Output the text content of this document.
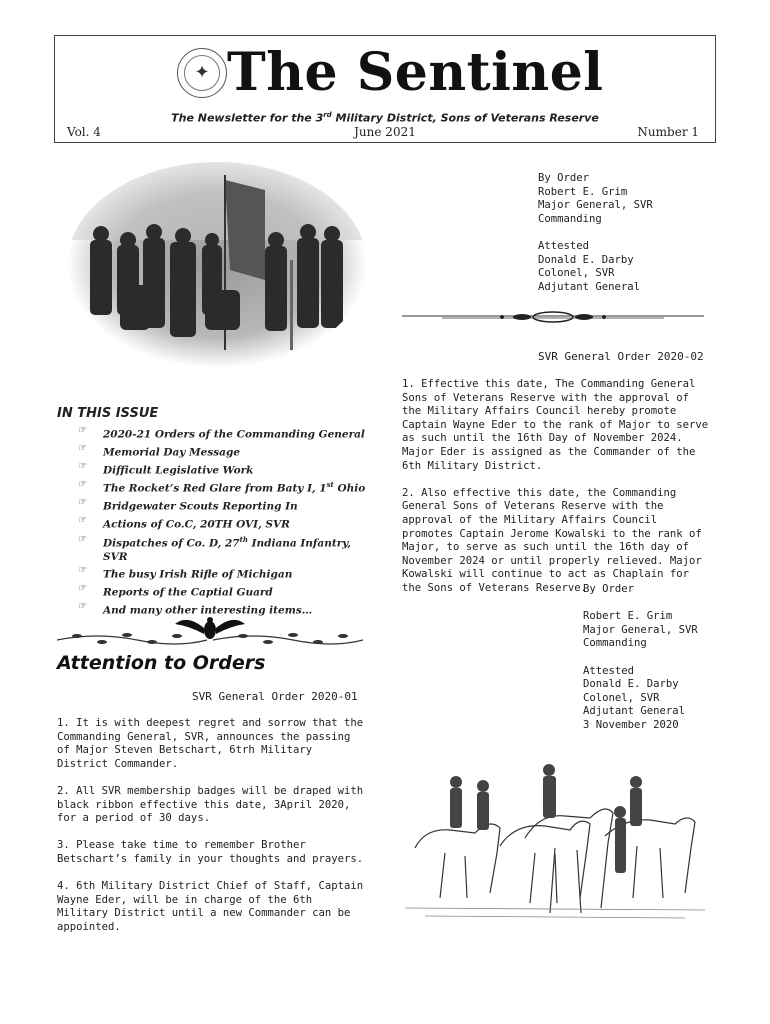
✦ The Sentinel
The Newsletter for the 3rd Military District, Sons of Veterans Reserve
Vol. 4	June 2021	Number 1
By Order
Robert E. Grim
Major General, SVR
Commanding
Attested
Donald E. Darby
Colonel, SVR
Adjutant General
SVR General Order 2020-02

1. Effective this date, The Commanding General Sons of Veterans Reserve with the approval of the Military Affairs Council hereby promote Captain Wayne Eder to the rank of Major to serve as such until the 16th Day of November 2024. Major Eder is assigned as the Commander of the 6th Military District.

2. Also effective this date, the Commanding General Sons of Veterans Reserve with the approval of the Military Affairs Council promotes Captain Jerome Kowalski to the rank of Major, to serve as such until the 16th day of November 2024 or until properly relieved. Major Kowalski will continue to act as Chaplain for the Sons of Veterans Reserve.

By Order
Robert E. Grim
Major General, SVR
Commanding
Attested
Donald E. Darby
Colonel, SVR
Adjutant General
3 November 2020
IN THIS ISSUE
☞ 2020-21 Orders of the Commanding General
☞ Memorial Day Message
☞ Difficult Legislative Work
☞ The Rocket’s Red Glare from Baty I, 1st Ohio
☞ Bridgewater Scouts Reporting In
☞ Actions of Co.C, 20TH OVI, SVR
☞ Dispatches of Co. D, 27th Indiana Infantry, SVR
☞ The busy Irish Rifle of Michigan
☞ Reports of the Captial Guard
☞ And many other interesting items…
Attention to Orders
SVR General Order 2020-01

1. It is with deepest regret and sorrow that the Commanding General, SVR, announces the passing of Major Steven Betschart, 6trh Military District Commander.

2. All SVR membership badges will be draped with black ribbon effective this date, 3April 2020, for a period of 30 days.

3. Please take time to remember Brother Betschart’s family in your thoughts and prayers.

4. 6th Military District Chief of Staff, Captain Wayne Eder, will be in charge of the 6th Military District until a new Commander can be appointed.
